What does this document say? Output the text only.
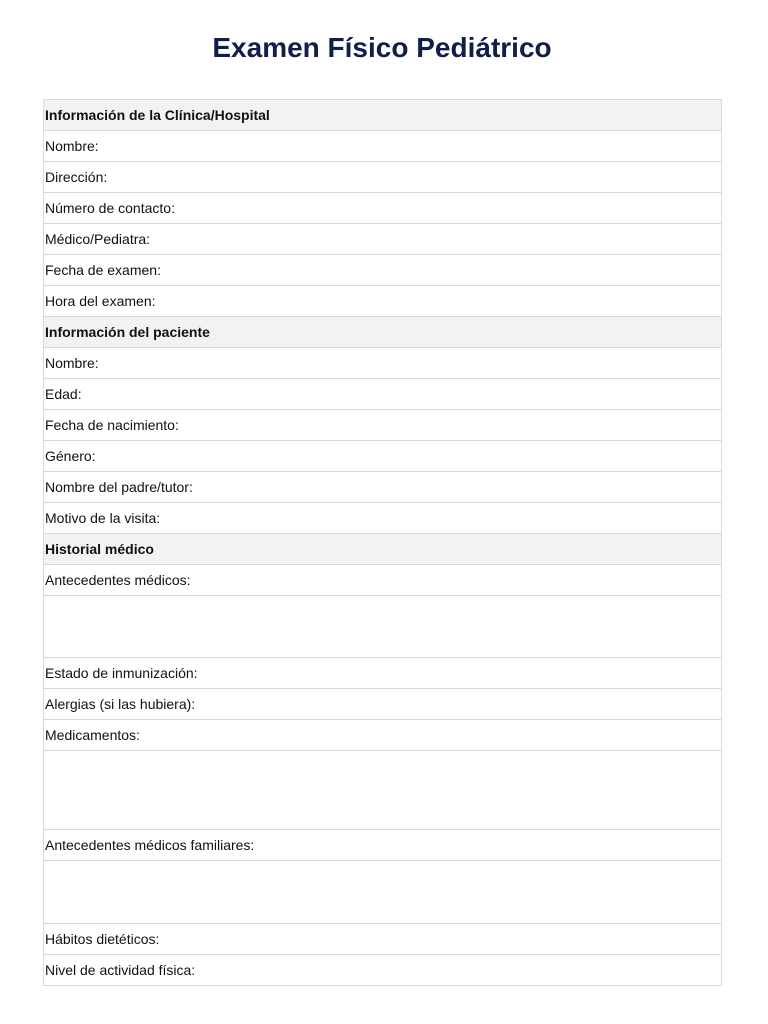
Examen Físico Pediátrico
Información de la Clínica/Hospital
Nombre:
Dirección:
Número de contacto:
Médico/Pediatra:
Fecha de examen:
Hora del examen:
Información del paciente
Nombre:
Edad:
Fecha de nacimiento:
Género:
Nombre del padre/tutor:
Motivo de la visita:
Historial médico
Antecedentes médicos:

Estado de inmunización:
Alergias (si las hubiera):
Medicamentos:

Antecedentes médicos familiares:

Hábitos dietéticos:
Nivel de actividad física:
